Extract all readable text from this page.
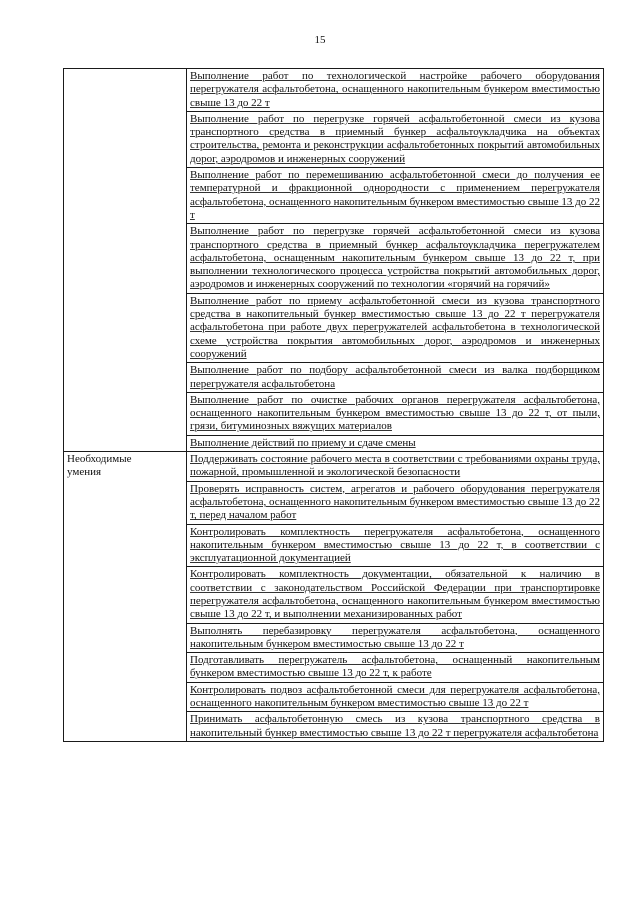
15
	Выполнение работ по технологической настройке рабочего оборудования перегружателя асфальтобетона, оснащенного накопительным бункером вместимостью свыше 13 до 22 т
	Выполнение работ по перегрузке горячей асфальтобетонной смеси из кузова транспортного средства в приемный бункер асфальтоукладчика на объектах строительства, ремонта и реконструкции асфальтобетонных покрытий автомобильных дорог, аэродромов и инженерных сооружений
	Выполнение работ по перемешиванию асфальтобетонной смеси до получения ее температурной и фракционной однородности с применением перегружателя асфальтобетона, оснащенного накопительным бункером вместимостью свыше 13 до 22 т
	Выполнение работ по перегрузке горячей асфальтобетонной смеси из кузова транспортного средства в приемный бункер асфальтоукладчика перегружателем асфальтобетона, оснащенным накопительным бункером свыше 13 до 22 т, при выполнении технологического процесса устройства покрытий автомобильных дорог, аэродромов и инженерных сооружений по технологии «горячий на горячий»
	Выполнение работ по приему асфальтобетонной смеси из кузова транспортного средства в накопительный бункер вместимостью свыше 13 до 22 т перегружателя асфальтобетона при работе двух перегружателей асфальтобетона в технологической схеме устройства покрытия автомобильных дорог, аэродромов и инженерных сооружений
	Выполнение работ по подбору асфальтобетонной смеси из валка подборщиком перегружателя асфальтобетона
	Выполнение работ по очистке рабочих органов перегружателя асфальтобетона, оснащенного накопительным бункером вместимостью свыше 13 до 22 т, от пыли, грязи, битуминозных вяжущих материалов
	Выполнение действий по приему и сдаче смены

Необходимые
умения	Поддерживать состояние рабочего места в соответствии с требованиями охраны труда, пожарной, промышленной и экологической безопасности
	Проверять исправность систем, агрегатов и рабочего оборудования перегружателя асфальтобетона, оснащенного накопительным бункером вместимостью свыше 13 до 22 т, перед началом работ
	Контролировать комплектность перегружателя асфальтобетона, оснащенного накопительным бункером вместимостью свыше 13 до 22 т, в соответствии с эксплуатационной документацией
	Контролировать комплектность документации, обязательной к наличию в соответствии с законодательством Российской Федерации при транспортировке перегружателя асфальтобетона, оснащенного накопительным бункером вместимостью свыше 13 до 22 т, и выполнении механизированных работ
	Выполнять перебазировку перегружателя асфальтобетона, оснащенного накопительным бункером вместимостью свыше 13 до 22 т
	Подготавливать перегружатель асфальтобетона, оснащенный накопительным бункером вместимостью свыше 13 до 22 т, к работе
	Контролировать подвоз асфальтобетонной смеси для перегружателя асфальтобетона, оснащенного накопительным бункером вместимостью свыше 13 до 22 т
	Принимать асфальтобетонную смесь из кузова транспортного средства в накопительный бункер вместимостью свыше 13 до 22 т перегружателя асфальтобетона
